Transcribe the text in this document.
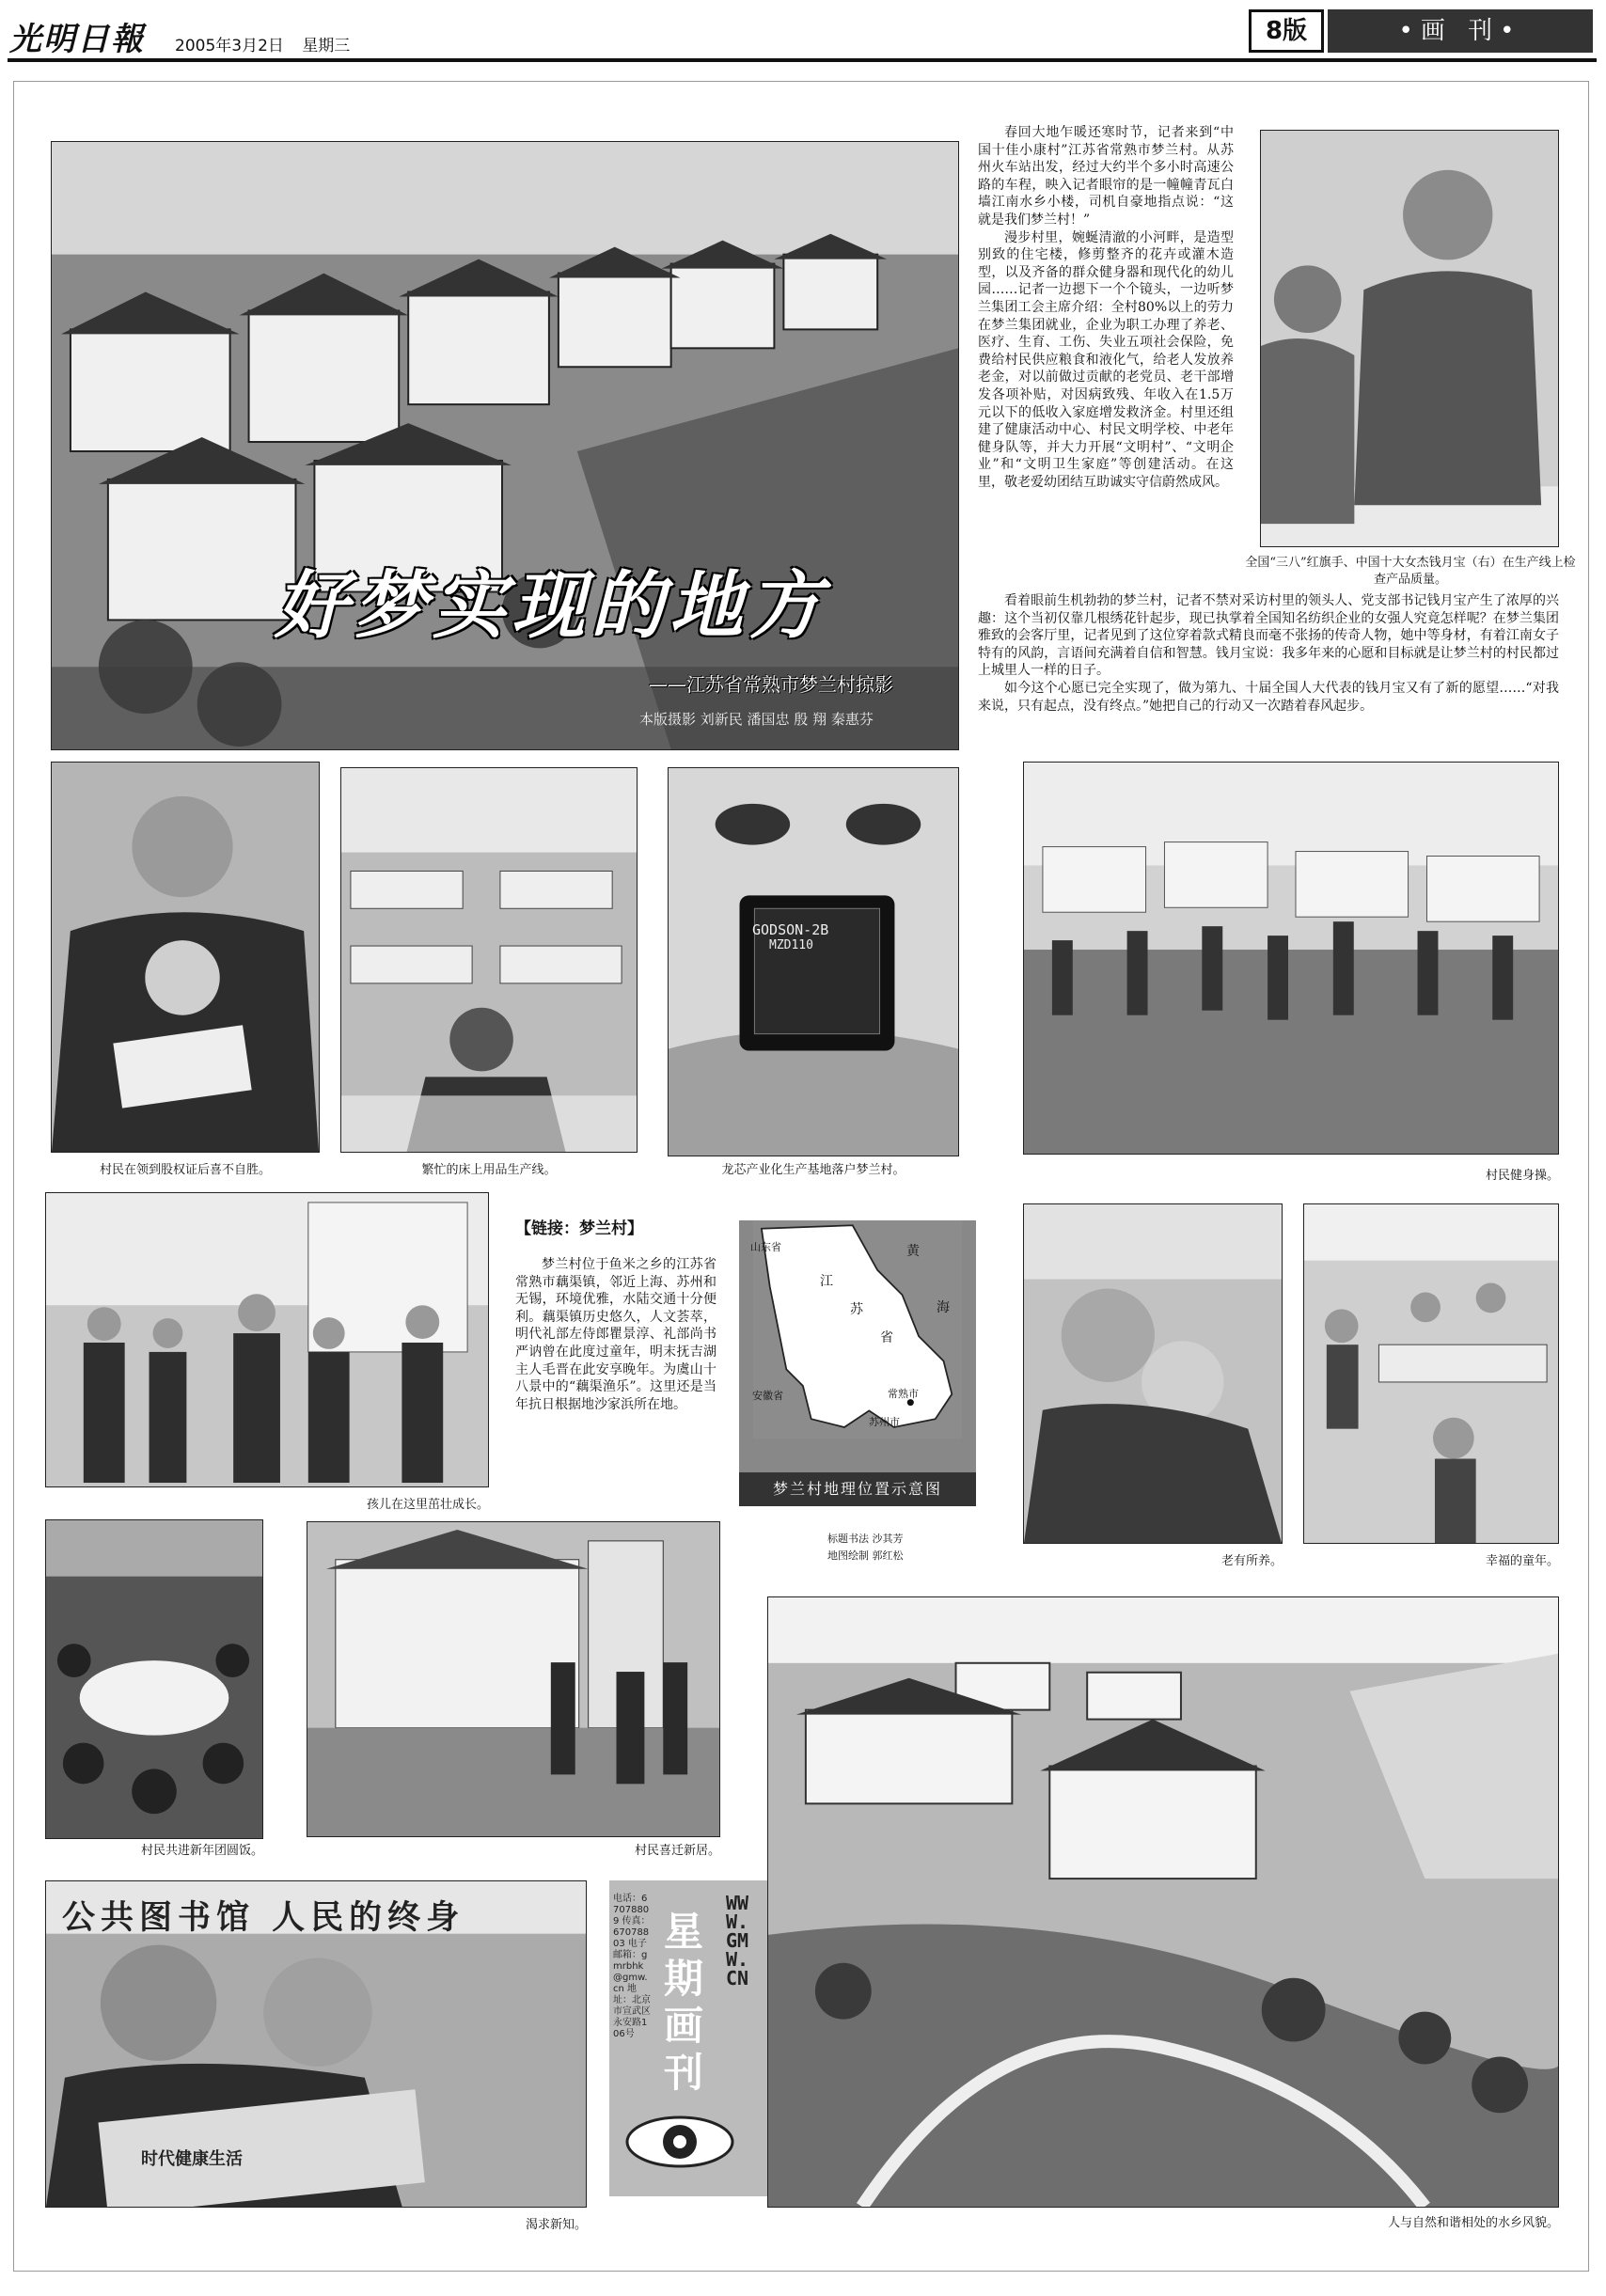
光明日報 2005年3月2日 星期三
8版	•画 刊•
好梦实现的地方
——江苏省常熟市梦兰村掠影
本版摄影 刘新民 潘国忠 殷 翔 秦惠芬

春回大地乍暖还寒时节，记者来到“中国十佳小康村”江苏省常熟市梦兰村。从苏州火车站出发，经过大约半个多小时高速公路的车程，映入记者眼帘的是一幢幢青瓦白墙江南水乡小楼，司机自豪地指点说：“这就是我们梦兰村！”

漫步村里，婉蜒清澈的小河畔，是造型别致的住宅楼，修剪整齐的花卉或灌木造型，以及齐备的群众健身器和现代化的幼儿园……记者一边摁下一个个镜头，一边听梦兰集团工会主席介绍：全村80%以上的劳力在梦兰集团就业，企业为职工办理了养老、医疗、生育、工伤、失业五项社会保险，免费给村民供应粮食和液化气，给老人发放养老金，对以前做过贡献的老党员、老干部增发各项补贴，对因病致残、年收入在1.5万元以下的低收入家庭增发救济金。村里还组建了健康活动中心、村民文明学校、中老年健身队等，并大力开展“文明村”、“文明企业”和“文明卫生家庭”等创建活动。在这里，敬老爱幼团结互助诚实守信蔚然成风。

看着眼前生机勃勃的梦兰村，记者不禁对采访村里的领头人、党支部书记钱月宝产生了浓厚的兴趣：这个当初仅靠几根绣花针起步，现已执掌着全国知名纺织企业的女强人究竟怎样呢？在梦兰集团雅致的会客厅里，记者见到了这位穿着款式精良而毫不张扬的传奇人物，她中等身材，有着江南女子特有的风韵，言语间充满着自信和智慧。钱月宝说：我多年来的心愿和目标就是让梦兰村的村民都过上城里人一样的日子。

如今这个心愿已完全实现了，做为第九、十届全国人大代表的钱月宝又有了新的愿望……“对我来说，只有起点，没有终点。”她把自己的行动又一次踏着春风起步。

全国“三八”红旗手、中国十大女杰钱月宝（右）在生产线上检查产品质量。
村民在领到股权证后喜不自胜。	繁忙的床上用品生产线。
GODSON-2B
MZD110
龙芯产业化生产基地落户梦兰村。	村民健身操。
孩儿在这里茁壮成长。
【链接：梦兰村】

梦兰村位于鱼米之乡的江苏省常熟市藕渠镇，邻近上海、苏州和无锡，环境优雅，水陆交通十分便利。藕渠镇历史悠久，人文荟萃，明代礼部左侍郎瞿景淳、礼部尚书严讷曾在此度过童年，明末抚吉湖主人毛晋在此安享晚年。为虞山十八景中的“藕渠渔乐”。这里还是当年抗日根据地沙家浜所在地。

山东省
安徽省
江
苏
省
黄
海
常熟市
苏州市
梦兰村地理位置示意图
标题书法 沙其芳
地图绘制 郭红松	老有所养。	幸福的童年。
村民共进新年团圆饭。	村民喜迁新居。
人与自然和谐相处的水乡风貌。
公共图书馆 人民的终身
时代健康生活
渴求新知。
电话：67078809 传真：67078803 电子邮箱：gmrbhk@gmw.cn 地址：北京市宣武区永安路106号
星期画刊
WWW.GMW.CN
